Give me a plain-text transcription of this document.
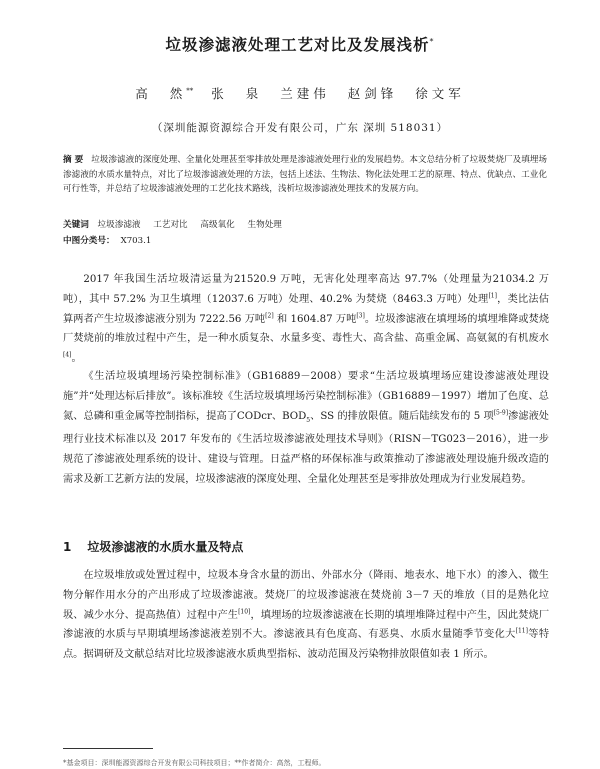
垃圾渗滤液处理工艺对比及发展浅析*
高 然** 张 泉 兰建伟 赵剑锋 徐文军
（深圳能源资源综合开发有限公司，广东 深圳 518031）
摘 要 垃圾渗滤液的深度处理、全量化处理甚至零排放处理是渗滤液处理行业的发展趋势。本文总结分析了垃圾焚烧厂及填埋场渗滤液的水质水量特点，对比了垃圾渗滤液处理的方法，包括上述法、生物法、物化法处理工艺的原理、特点、优缺点、工业化可行性等，并总结了垃圾渗滤液处理的工艺化技术路线，浅析垃圾渗滤液处理技术的发展方向。
关键词 垃圾渗滤液 工艺对比 高级氧化 生物处理
中图分类号： X703.1

2017 年我国生活垃圾清运量为21520.9 万吨，无害化处理率高达 97.7%（处理量为21034.2 万吨），其中 57.2% 为卫生填埋（12037.6 万吨）处理、40.2% 为焚烧（8463.3 万吨）处理[1]，类比法估算两者产生垃圾渗滤液分别为 7222.56 万吨[2] 和 1604.87 万吨[3]。垃圾渗滤液在填埋场的填埋堆降或焚烧厂焚烧前的堆放过程中产生，是一种水质复杂、水量多变、毒性大、高含盐、高重金属、高氨氮的有机废水[4]。

《生活垃圾填埋场污染控制标准》（GB16889－2008）要求“生活垃圾填埋场应建设渗滤液处理设施”并“处理达标后排放”。该标准较《生活垃圾填埋场污染控制标准》（GB16889－1997）增加了色度、总氮、总磷和重金属等控制指标，提高了CODcr、$BOD_5$、SS 的排放限值。随后陆续发布的 5 项[5-9]渗滤液处理行业技术标准以及 2017 年发布的《生活垃圾渗滤液处理技术导则》（RISN－TG023－2016），进一步规范了渗滤液处理系统的设计、建设与管理。日益严格的环保标准与政策推动了渗滤液处理设施升级改造的需求及新工艺新方法的发展，垃圾渗滤液的深度处理、全量化处理甚至是零排放处理成为行业发展趋势。

1 垃圾渗滤液的水质水量及特点

在垃圾堆放或处置过程中，垃圾本身含水量的沥出、外部水分（降雨、地表水、地下水）的渗入、微生物分解作用水分的产出形成了垃圾渗滤液。焚烧厂的垃圾渗滤液在焚烧前 3－7 天的堆放（目的是熟化垃圾、减少水分、提高热值）过程中产生[10]，填埋场的垃圾渗滤液在长期的填埋堆降过程中产生，因此焚烧厂渗滤液的水质与早期填埋场渗滤液差别不大。渗滤液具有色度高、有恶臭、水质水量随季节变化大[11]等特点。据调研及文献总结对比垃圾渗滤液水质典型指标、波动范围及污染物排放限值如表 1 所示。

*基金项目：深圳能源资源综合开发有限公司科技项目；**作者简介：高然，工程师。
